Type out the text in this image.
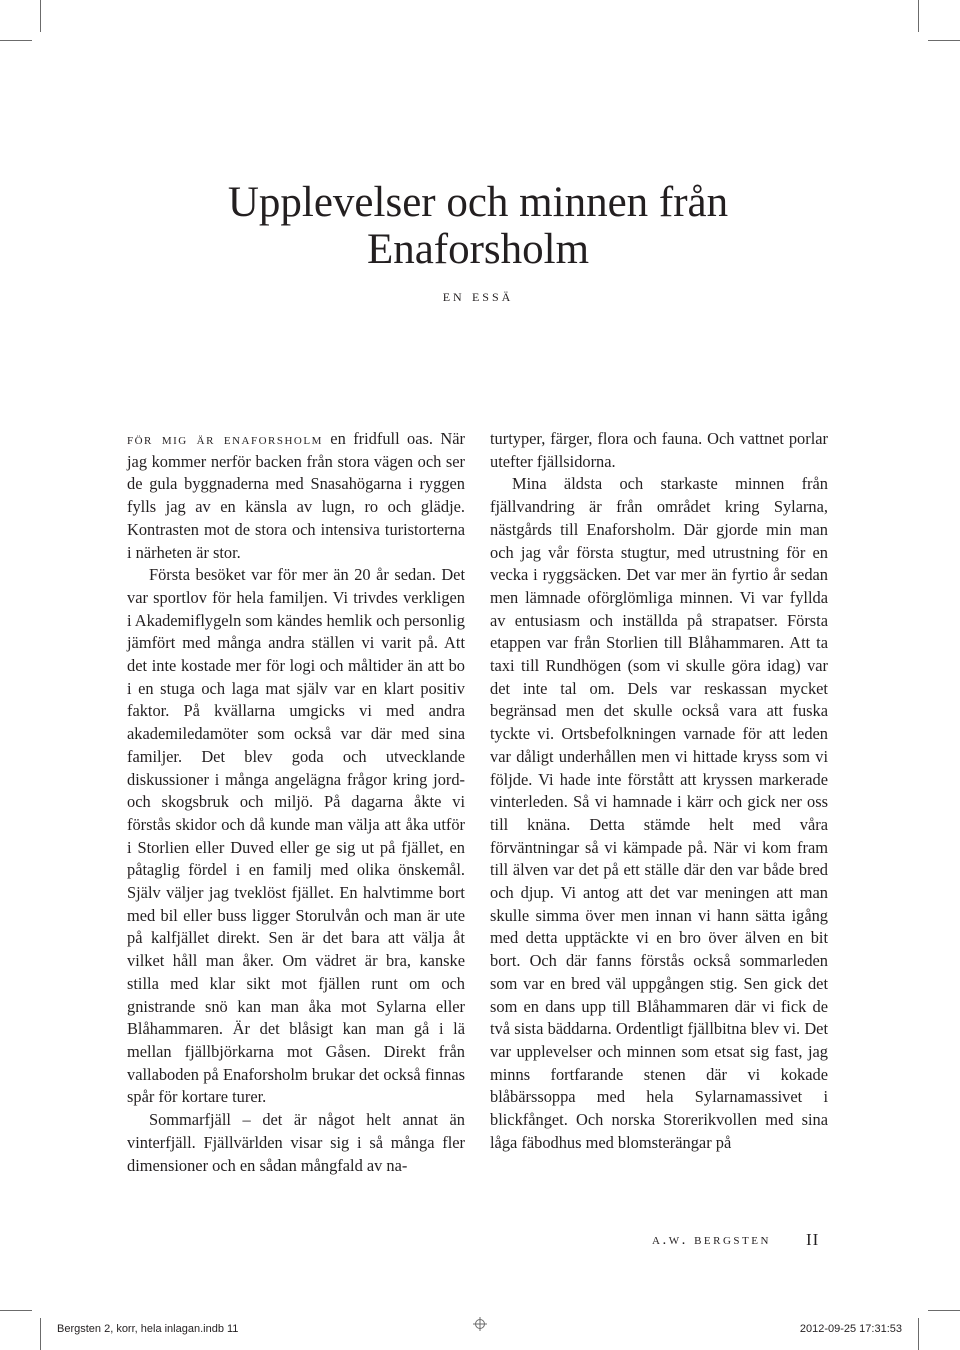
Upplevelser och minnen från
Enaforsholm
en essä

för mig är enaforsholm en fridfull oas. När jag kommer nerför backen från stora vägen och ser de gula byggnaderna med Snasahögarna i ryggen fylls jag av en känsla av lugn, ro och glädje. Kontrasten mot de stora och intensiva turistorterna i närheten är stor.

Första besöket var för mer än 20 år sedan. Det var sportlov för hela familjen. Vi trivdes verkligen i Akademiflygeln som kändes hemlik och personlig jämfört med många andra ställen vi varit på. Att det inte kostade mer för logi och måltider än att bo i en stuga och laga mat själv var en klart positiv faktor. På kvällarna umgicks vi med andra akademiledamöter som också var där med sina familjer. Det blev goda och utvecklande diskussioner i många angelägna frågor kring jord- och skogsbruk och miljö. På dagarna åkte vi förstås skidor och då kunde man välja att åka utför i Storlien eller Duved eller ge sig ut på fjället, en påtaglig fördel i en familj med olika önskemål. Själv väljer jag tveklöst fjället. En halvtimme bort med bil eller buss ligger Storulvån och man är ute på kalfjället direkt. Sen är det bara att välja åt vilket håll man åker. Om vädret är bra, kanske stilla med klar sikt mot fjällen runt om och gnistrande snö kan man åka mot Sylarna eller Blåhammaren. Är det blåsigt kan man gå i lä mellan fjällbjörkarna mot Gåsen. Direkt från vallaboden på Enaforsholm brukar det också finnas spår för kortare turer.

Sommarfjäll – det är något helt annat än vinterfjäll. Fjällvärlden visar sig i så många fler dimensioner och en sådan mångfald av na-

turtyper, färger, flora och fauna. Och vattnet porlar utefter fjällsidorna.

Mina äldsta och starkaste minnen från fjällvandring är från området kring Sylarna, nästgårds till Enaforsholm. Där gjorde min man och jag vår första stugtur, med utrustning för en vecka i ryggsäcken. Det var mer än fyrtio år sedan men lämnade oförglömliga minnen. Vi var fyllda av entusiasm och inställda på strapatser. Första etappen var från Storlien till Blåhammaren. Att ta taxi till Rundhögen (som vi skulle göra idag) var det inte tal om. Dels var reskassan mycket begränsad men det skulle också vara att fuska tyckte vi. Ortsbefolkningen varnade för att leden var dåligt underhållen men vi hittade kryss som vi följde. Vi hade inte förstått att kryssen markerade vinterleden. Så vi hamnade i kärr och gick ner oss till knäna. Detta stämde helt med våra förväntningar så vi kämpade på. När vi kom fram till älven var det på ett ställe där den var både bred och djup. Vi antog att det var meningen att man skulle simma över men innan vi hann sätta igång med detta upptäckte vi en bro över älven en bit bort. Och där fanns förstås också sommarleden som var en bred väl uppgången stig. Sen gick det som en dans upp till Blåhammaren där vi fick de två sista bäddarna. Ordentligt fjällbitna blev vi. Det var upplevelser och minnen som etsat sig fast, jag minns fortfarande stenen där vi kokade blåbärssoppa med hela Sylarnamassivet i blickfånget. Och norska Storerikvollen med sina låga fäbodhus med blomsterängar på

a.w. bergsten II
Bergsten 2, korr, hela inlagan.indb 11	2012-09-25 17:31:53
